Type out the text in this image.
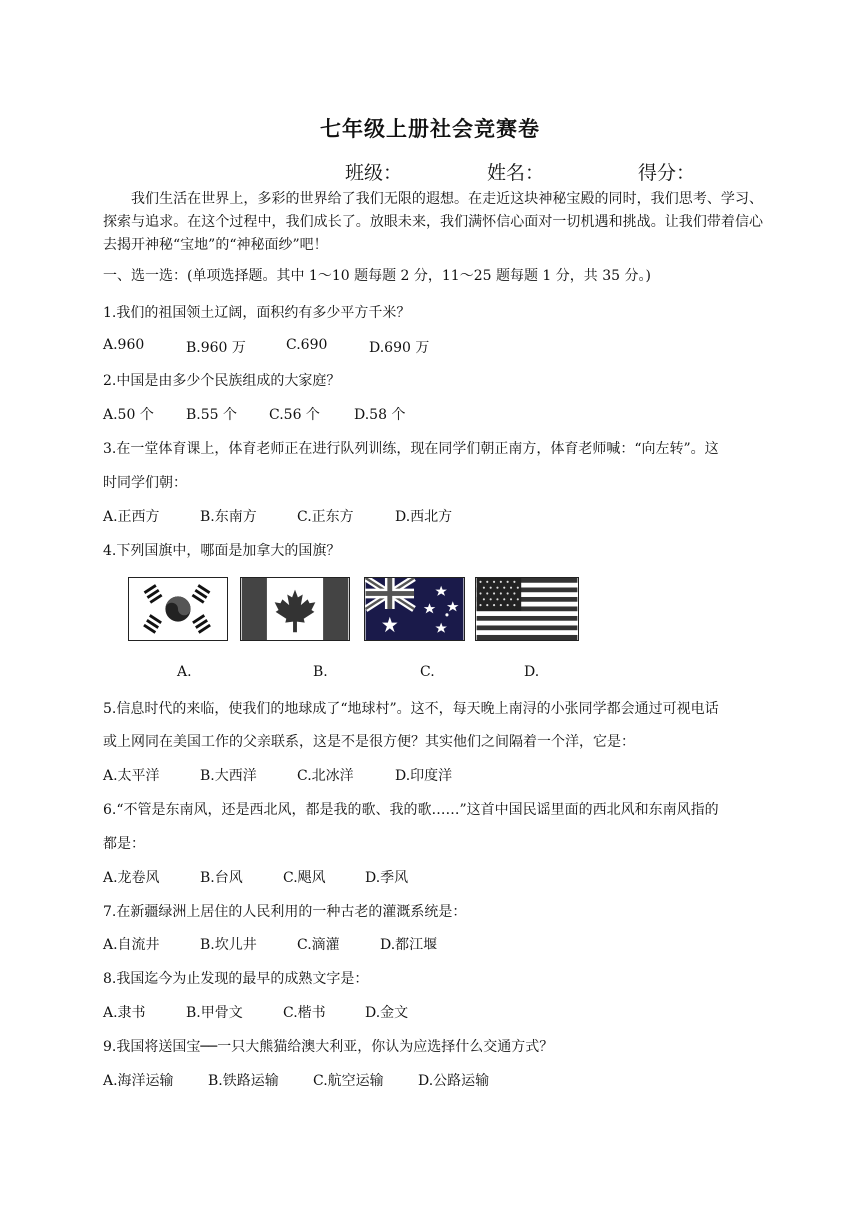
七年级上册社会竞赛卷
班级：	姓名：	得分：
我们生活在世界上，多彩的世界给了我们无限的遐想。在走近这块神秘宝殿的同时，我们思考、学习、探索与追求。在这个过程中，我们成长了。放眼未来，我们满怀信心面对一切机遇和挑战。让我们带着信心去揭开神秘“宝地”的“神秘面纱”吧！
一、选一选：(单项选择题。其中 1～10 题每题 2 分，11～25 题每题 1 分，共 35 分。)
1.我们的祖国领土辽阔，面积约有多少平方千米？
A.960	B.960 万	C.690	D.690 万
2.中国是由多少个民族组成的大家庭？
A.50 个	B.55 个	C.56 个	D.58 个
3.在一堂体育课上，体育老师正在进行队列训练，现在同学们朝正南方，体育老师喊：“向左转”。这
时同学们朝：
A.正西方	B.东南方	C.正东方	D.西北方
4.下列国旗中，哪面是加拿大的国旗？
A.	B.	C.	D.
5.信息时代的来临，使我们的地球成了“地球村”。这不，每天晚上南浔的小张同学都会通过可视电话
或上网同在美国工作的父亲联系，这是不是很方便？其实他们之间隔着一个洋，它是：
A.太平洋	B.大西洋	C.北冰洋	D.印度洋
6.“不管是东南风，还是西北风，都是我的歌、我的歌……”这首中国民谣里面的西北风和东南风指的
都是：
A.龙卷风	B.台风	C.飓风	D.季风
7.在新疆绿洲上居住的人民利用的一种古老的灌溉系统是：
A.自流井	B.坎儿井	C.滴灌	D.都江堰
8.我国迄今为止发现的最早的成熟文字是：
A.隶书	B.甲骨文	C.楷书	D.金文
9.我国将送国宝──一只大熊猫给澳大利亚，你认为应选择什么交通方式？
A.海洋运输	B.铁路运输	C.航空运输	D.公路运输
